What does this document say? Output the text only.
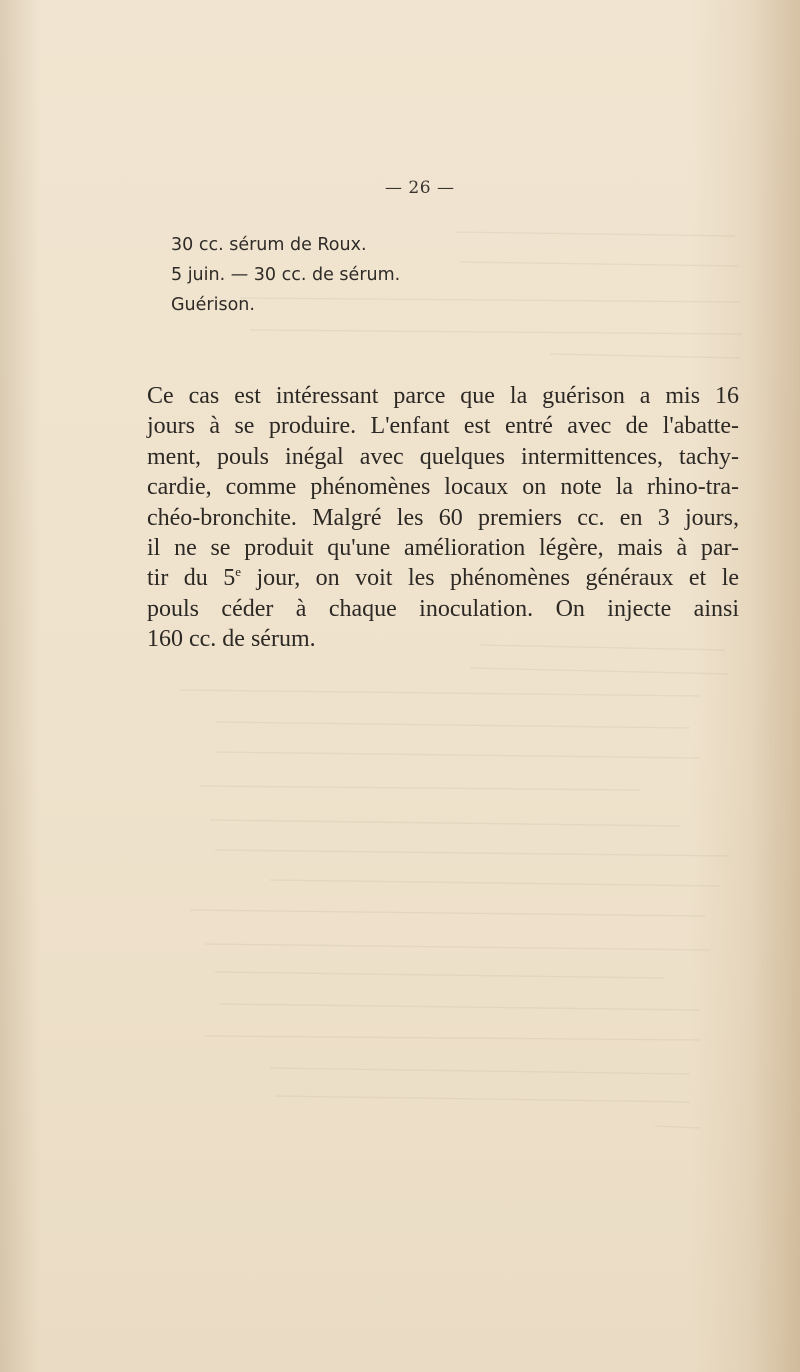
— 26 —
30 cc. sérum de Roux.
5 juin. — 30 cc. de sérum.
Guérison.
Ce cas est intéressant parce que la guérison a mis 16
jours à se produire. L'enfant est entré avec de l'abatte-
ment, pouls inégal avec quelques intermittences, tachy-
cardie, comme phénomènes locaux on note la rhino-tra-
chéo-bronchite. Malgré les 60 premiers cc. en 3 jours,
il ne se produit qu'une amélioration légère, mais à par-
tir du 5e jour, on voit les phénomènes généraux et le
pouls céder à chaque inoculation. On injecte ainsi
160 cc. de sérum.
